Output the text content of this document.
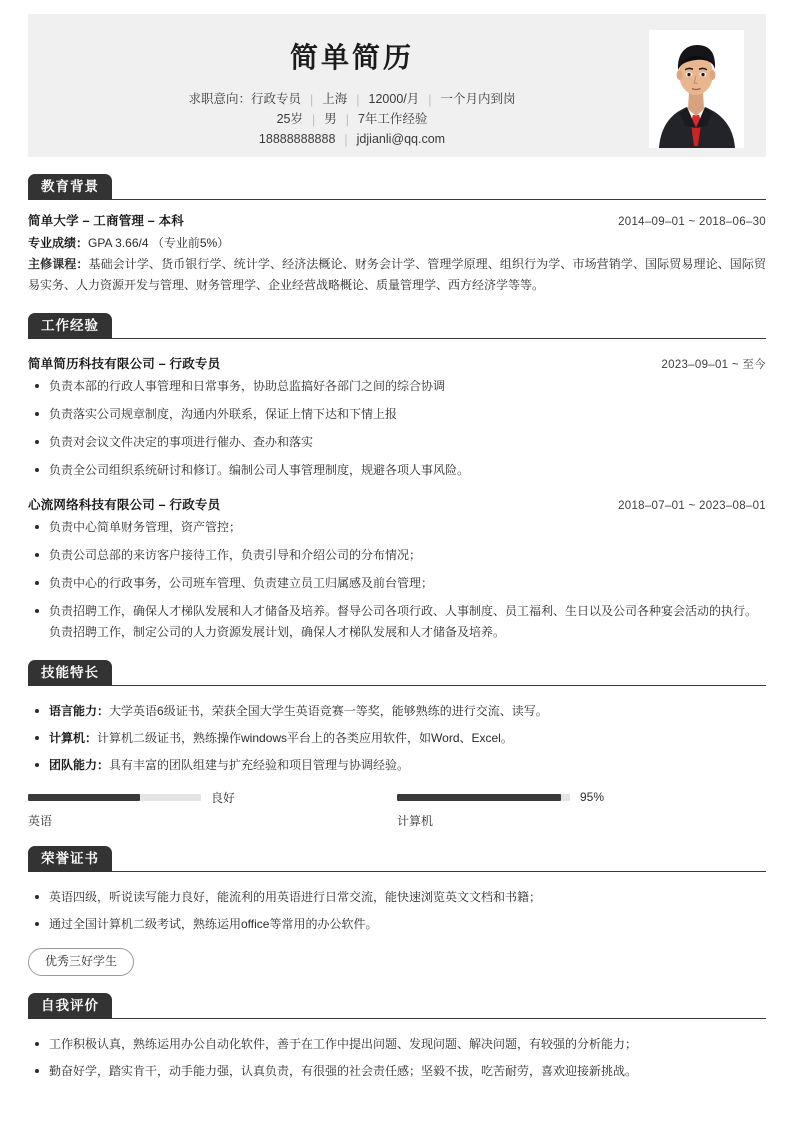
简单简历
求职意向：行政专员 | 上海 | 12000/月 | 一个月内到岗
25岁 | 男 | 7年工作经验
18888888888 | jdjianli@qq.com
教育背景
简单大学 – 工商管理 – 本科	2014–09–01 ~ 2018–06–30
专业成绩：GPA 3.66/4 （专业前5%）
主修课程：基础会计学、货币银行学、统计学、经济法概论、财务会计学、管理学原理、组织行为学、市场营销学、国际贸易理论、国际贸易实务、人力资源开发与管理、财务管理学、企业经营战略概论、质量管理学、西方经济学等等。
工作经验
简单简历科技有限公司 – 行政专员	2023–09–01 ~ 至今
负责本部的行政人事管理和日常事务，协助总监搞好各部门之间的综合协调
负责落实公司规章制度，沟通内外联系，保证上情下达和下情上报
负责对会议文件决定的事项进行催办、查办和落实
负责全公司组织系统研讨和修订。编制公司人事管理制度，规避各项人事风险。
心流网络科技有限公司 – 行政专员	2018–07–01 ~ 2023–08–01
负责中心简单财务管理，资产管控；
负责公司总部的来访客户接待工作，负责引导和介绍公司的分布情况；
负责中心的行政事务，公司班车管理、负责建立员工归属感及前台管理；
负责招聘工作，确保人才梯队发展和人才储备及培养。督导公司各项行政、人事制度、员工福利、生日以及公司各种宴会活动的执行。负责招聘工作，制定公司的人力资源发展计划，确保人才梯队发展和人才储备及培养。
技能特长
语言能力：大学英语6级证书，荣获全国大学生英语竞赛一等奖，能够熟练的进行交流、读写。
计算机：计算机二级证书，熟练操作windows平台上的各类应用软件，如Word、Excel。
团队能力：具有丰富的团队组建与扩充经验和项目管理与协调经验。
良好
英语
95%
计算机
荣誉证书
英语四级，听说读写能力良好，能流利的用英语进行日常交流，能快速浏览英文文档和书籍；
通过全国计算机二级考试，熟练运用office等常用的办公软件。
优秀三好学生
自我评价
工作积极认真，熟练运用办公自动化软件，善于在工作中提出问题、发现问题、解决问题，有较强的分析能力；
勤奋好学，踏实肯干，动手能力强，认真负责，有很强的社会责任感；坚毅不拔，吃苦耐劳，喜欢迎接新挑战。
